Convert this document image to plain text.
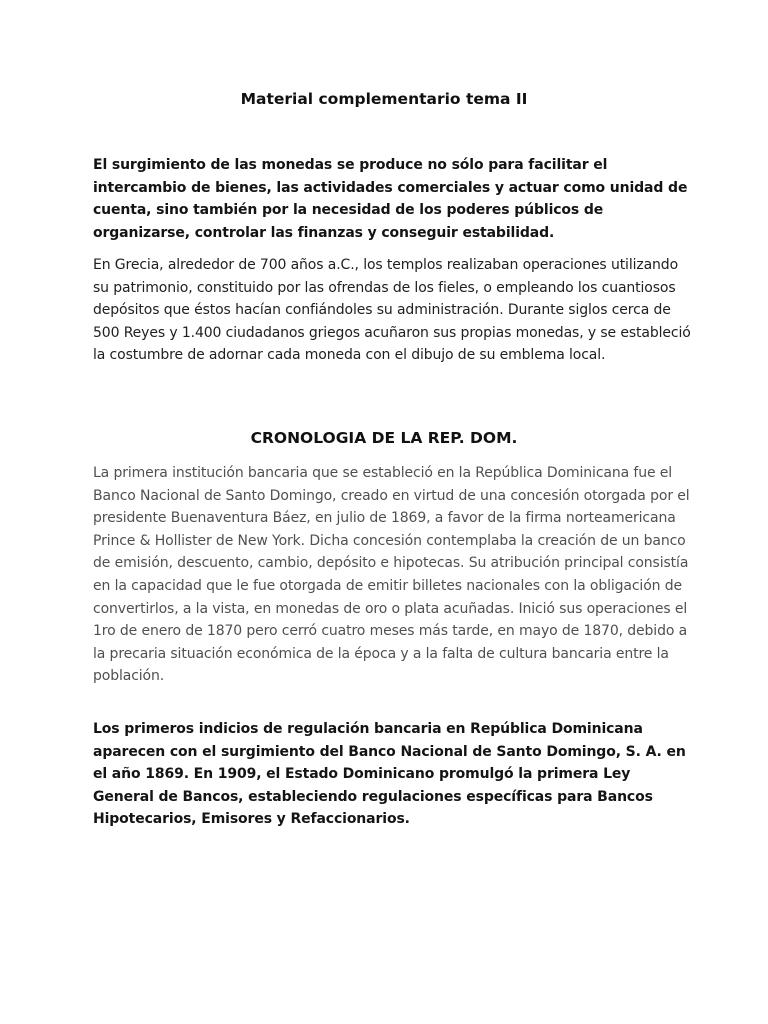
Material complementario tema II

El surgimiento de las monedas se produce no sólo para facilitar el intercambio de bienes, las actividades comerciales y actuar como unidad de cuenta, sino también por la necesidad de los poderes públicos de organizarse, controlar las finanzas y conseguir estabilidad.

En Grecia, alrededor de 700 años a.C., los templos realizaban operaciones utilizando su patrimonio, constituido por las ofrendas de los fieles, o empleando los cuantiosos depósitos que éstos hacían confiándoles su administración. Durante siglos cerca de 500 Reyes y 1.400 ciudadanos griegos acuñaron sus propias monedas, y se estableció la costumbre de adornar cada moneda con el dibujo de su emblema local.

CRONOLOGIA DE LA REP. DOM.

La primera institución bancaria que se estableció en la República Dominicana fue el Banco Nacional de Santo Domingo, creado en virtud de una concesión otorgada por el presidente Buenaventura Báez, en julio de 1869, a favor de la firma norteamericana Prince & Hollister de New York. Dicha concesión contemplaba la creación de un banco de emisión, descuento, cambio, depósito e hipotecas. Su atribución principal consistía en la capacidad que le fue otorgada de emitir billetes nacionales con la obligación de convertirlos, a la vista, en monedas de oro o plata acuñadas. Inició sus operaciones el 1ro de enero de 1870 pero cerró cuatro meses más tarde, en mayo de 1870, debido a la precaria situación económica de la época y a la falta de cultura bancaria entre la población.

Los primeros indicios de regulación bancaria en República Dominicana aparecen con el surgimiento del Banco Nacional de Santo Domingo, S. A. en el año 1869. En 1909, el Estado Dominicano promulgó la primera Ley General de Bancos, estableciendo regulaciones específicas para Bancos Hipotecarios, Emisores y Refaccionarios.
